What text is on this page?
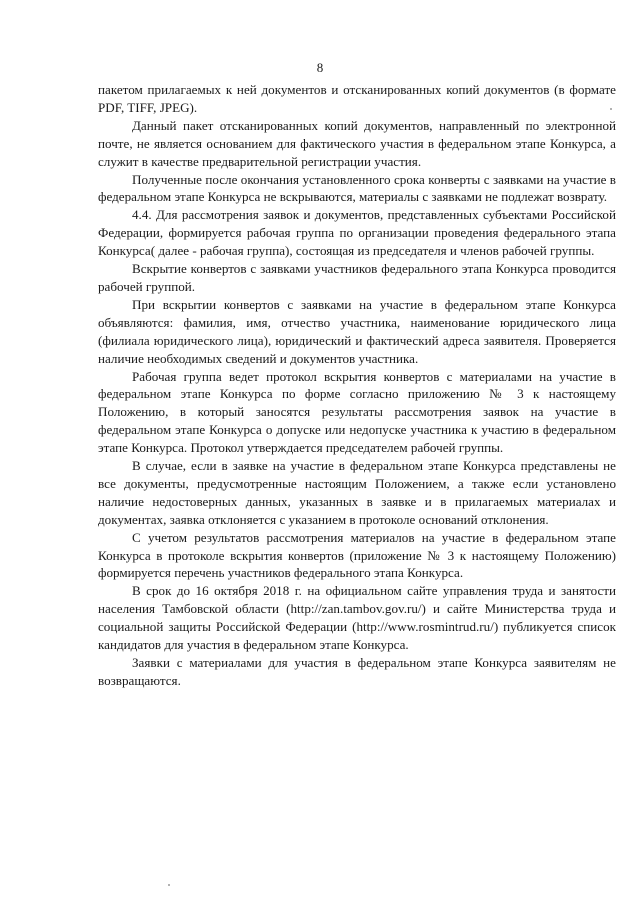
8

пакетом прилагаемых к ней документов и отсканированных копий документов (в формате PDF, TIFF, JPEG).

Данный пакет отсканированных копий документов, направленный по электронной почте, не является основанием для фактического участия в федеральном этапе Конкурса, а служит в качестве предварительной регистрации участия.

Полученные после окончания установленного срока конверты с заявками на участие в федеральном этапе Конкурса не вскрываются, материалы с заявками не подлежат возврату.

4.4. Для рассмотрения заявок и документов, представленных субъектами Российской Федерации, формируется рабочая группа по организации проведения федерального этапа Конкурса( далее - рабочая группа), состоящая из председателя и членов рабочей группы.

Вскрытие конвертов с заявками участников федерального этапа Конкурса проводится рабочей группой.

При вскрытии конвертов с заявками на участие в федеральном этапе Конкурса объявляются: фамилия, имя, отчество участника, наименование юридического лица (филиала юридического лица), юридический и фактический адреса заявителя. Проверяется наличие необходимых сведений и документов участника.

Рабочая группа ведет протокол вскрытия конвертов с материалами на участие в федеральном этапе Конкурса по форме согласно приложению № 3 к настоящему Положению, в который заносятся результаты рассмотрения заявок на участие в федеральном этапе Конкурса о допуске или недопуске участника к участию в федеральном этапе Конкурса. Протокол утверждается председателем рабочей группы.

В случае, если в заявке на участие в федеральном этапе Конкурса представлены не все документы, предусмотренные настоящим Положением, а также если установлено наличие недостоверных данных, указанных в заявке и в прилагаемых материалах и документах, заявка отклоняется с указанием в протоколе оснований отклонения.

С учетом результатов рассмотрения материалов на участие в федеральном этапе Конкурса в протоколе вскрытия конвертов (приложение № 3 к настоящему Положению) формируется перечень участников федерального этапа Конкурса.

В срок до 16 октября 2018 г. на официальном сайте управления труда и занятости населения Тамбовской области (http://zan.tambov.gov.ru/) и сайте Министерства труда и социальной защиты Российской Федерации (http://www.rosmintrud.ru/) публикуется список кандидатов для участия в федеральном этапе Конкурса.

Заявки с материалами для участия в федеральном этапе Конкурса заявителям не возвращаются.
